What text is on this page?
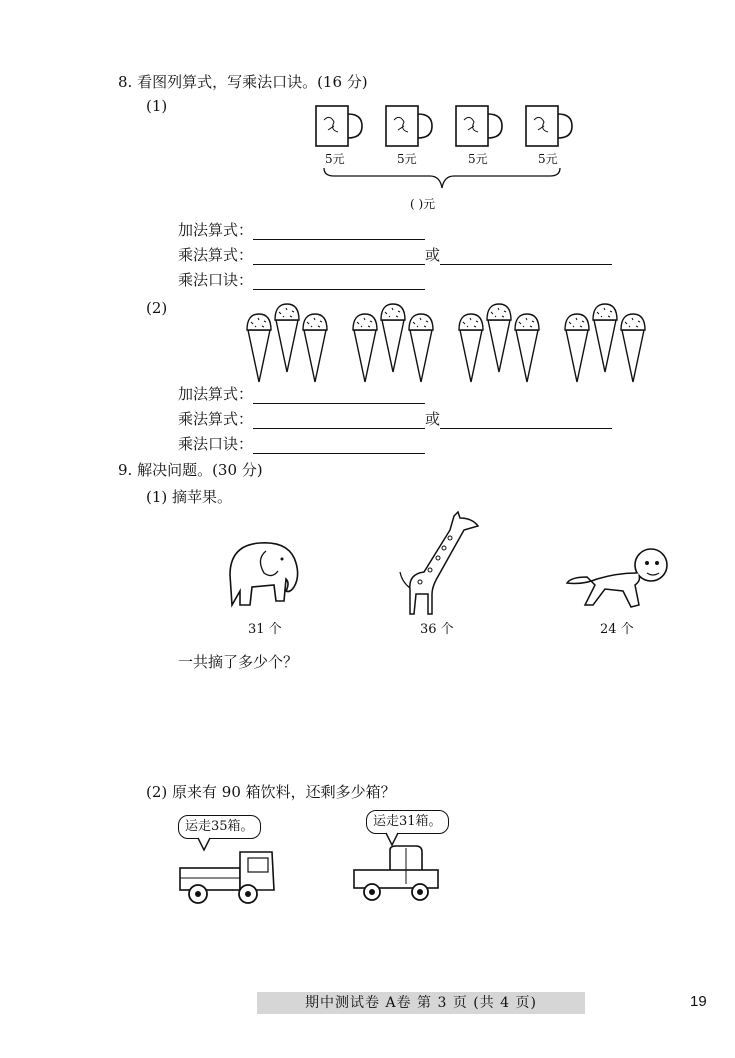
8. 看图列算式，写乘法口诀。(16 分)
(1)
5元	5元	5元	5元
( )元
加法算式：
乘法算式：	或
乘法口诀：
(2)
加法算式：
乘法算式：	或
乘法口诀：
9. 解决问题。(30 分)
(1) 摘苹果。
31 个	36 个	24 个
一共摘了多少个？
(2) 原来有 90 箱饮料，还剩多少箱？
运走35箱。	运走31箱。
期中测试卷 A卷 第 3 页 (共 4 页)	19
